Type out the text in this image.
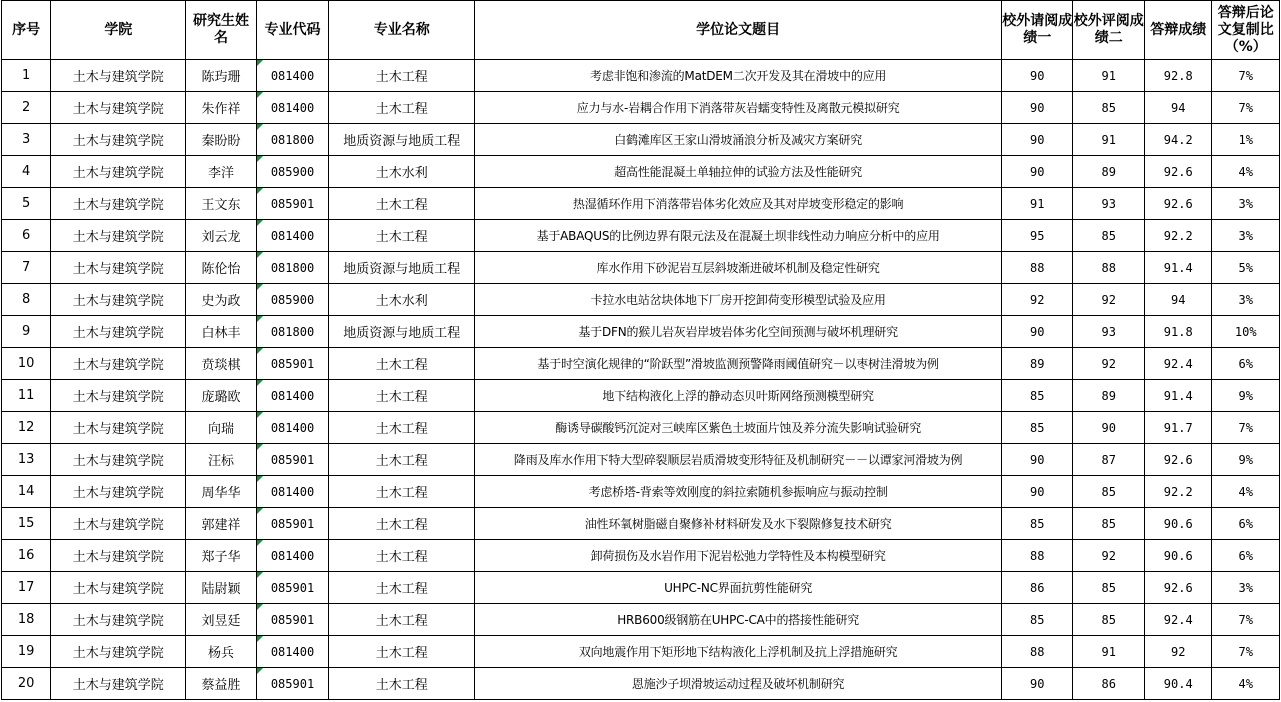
序号	学院	研究生姓名	专业代码	专业名称	学位论文题目	校外请阅成绩一	校外评阅成绩二	答辩成绩	答辩后论文复制比（%）
1	土木与建筑学院	陈玙珊	081400	土木工程	考虑非饱和渗流的MatDEM二次开发及其在滑坡中的应用	90	91	92.8	7%
2	土木与建筑学院	朱作祥	081400	土木工程	应力与水-岩耦合作用下消落带灰岩蠕变特性及离散元模拟研究	90	85	94	7%
3	土木与建筑学院	秦盼盼	081800	地质资源与地质工程	白鹤滩库区王家山滑坡涌浪分析及减灾方案研究	90	91	94.2	1%
4	土木与建筑学院	李洋	085900	土木水利	超高性能混凝土单轴拉伸的试验方法及性能研究	90	89	92.6	4%
5	土木与建筑学院	王文东	085901	土木工程	热湿循环作用下消落带岩体劣化效应及其对岸坡变形稳定的影响	91	93	92.6	3%
6	土木与建筑学院	刘云龙	081400	土木工程	基于ABAQUS的比例边界有限元法及在混凝土坝非线性动力响应分析中的应用	95	85	92.2	3%
7	土木与建筑学院	陈伦怡	081800	地质资源与地质工程	库水作用下砂泥岩互层斜坡渐进破坏机制及稳定性研究	88	88	91.4	5%
8	土木与建筑学院	史为政	085900	土木水利	卡拉水电站岔块体地下厂房开挖卸荷变形模型试验及应用	92	92	94	3%
9	土木与建筑学院	白林丰	081800	地质资源与地质工程	基于DFN的猴儿岩灰岩岸坡岩体劣化空间预测与破坏机理研究	90	93	91.8	10%
10	土木与建筑学院	贲琰棋	085901	土木工程	基于时空演化规律的“阶跃型”滑坡监测预警降雨阈值研究－以枣树洼滑坡为例	89	92	92.4	6%
11	土木与建筑学院	庞璐欧	081400	土木工程	地下结构液化上浮的静动态贝叶斯网络预测模型研究	85	89	91.4	9%
12	土木与建筑学院	向瑞	081400	土木工程	酶诱导碳酸钙沉淀对三峡库区紫色土坡面片蚀及养分流失影响试验研究	85	90	91.7	7%
13	土木与建筑学院	汪标	085901	土木工程	降雨及库水作用下特大型碎裂顺层岩质滑坡变形特征及机制研究－－以谭家河滑坡为例	90	87	92.6	9%
14	土木与建筑学院	周华华	081400	土木工程	考虑桥塔-背索等效刚度的斜拉索随机参振响应与振动控制	90	85	92.2	4%
15	土木与建筑学院	郭建祥	085901	土木工程	油性环氧树脂磁自聚修补材料研发及水下裂隙修复技术研究	85	85	90.6	6%
16	土木与建筑学院	郑子华	081400	土木工程	卸荷损伤及水岩作用下泥岩松弛力学特性及本构模型研究	88	92	90.6	6%
17	土木与建筑学院	陆尉颖	085901	土木工程	UHPC-NC界面抗剪性能研究	86	85	92.6	3%
18	土木与建筑学院	刘昱廷	085901	土木工程	HRB600级钢筋在UHPC-CA中的搭接性能研究	85	85	92.4	7%
19	土木与建筑学院	杨兵	081400	土木工程	双向地震作用下矩形地下结构液化上浮机制及抗上浮措施研究	88	91	92	7%
20	土木与建筑学院	蔡益胜	085901	土木工程	恩施沙子坝滑坡运动过程及破坏机制研究	90	86	90.4	4%
